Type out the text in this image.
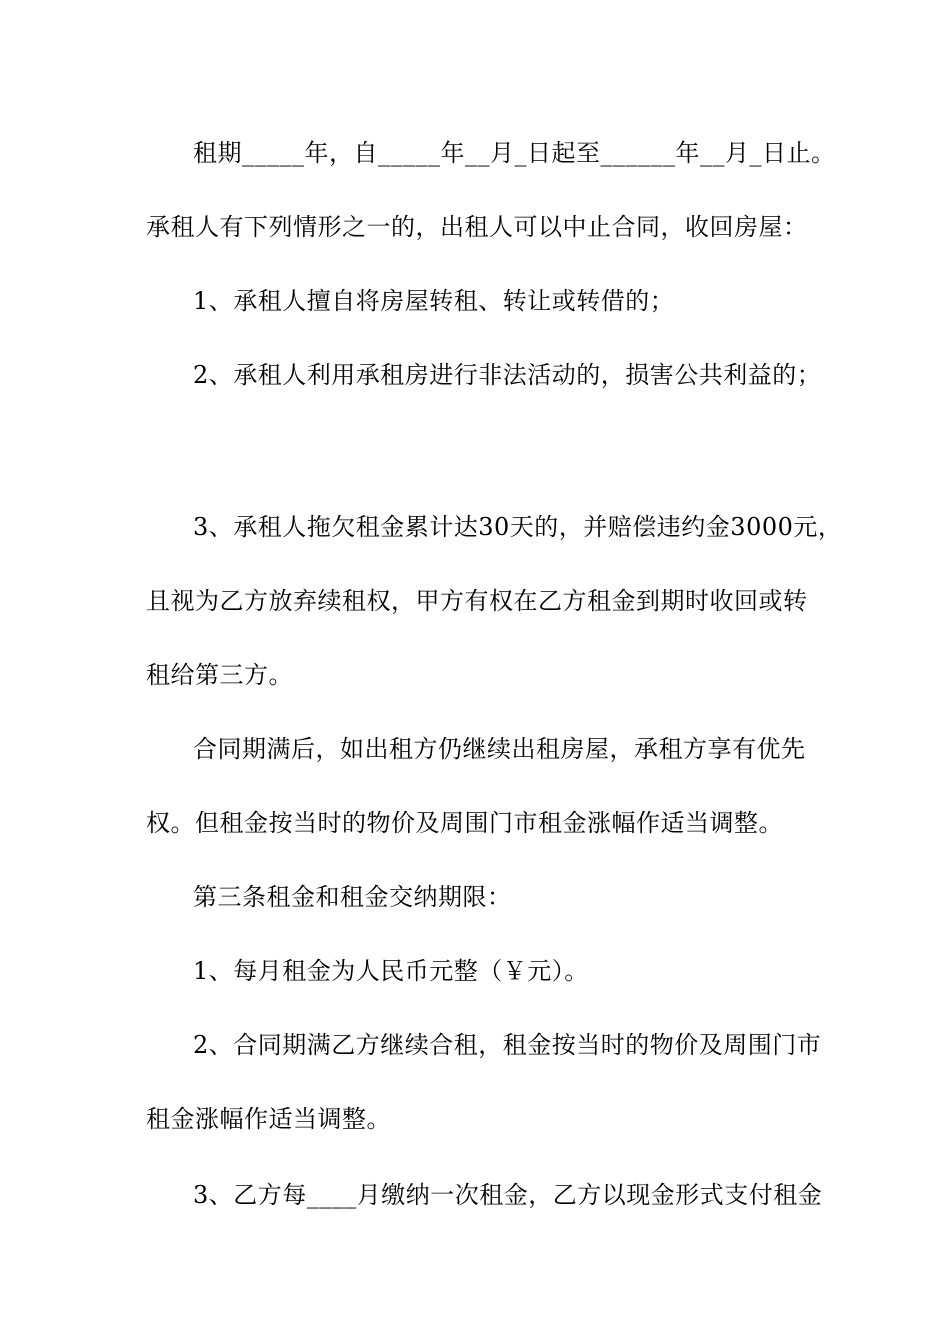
租期_____年，自_____年__月_日起至______年__月_日止。
承租人有下列情形之一的，出租人可以中止合同，收回房屋：
1、承租人擅自将房屋转租、转让或转借的；
2、承租人利用承租房进行非法活动的，损害公共利益的；
3、承租人拖欠租金累计达30天的，并赔偿违约金3000元，
且视为乙方放弃续租权，甲方有权在乙方租金到期时收回或转
租给第三方。
合同期满后，如出租方仍继续出租房屋，承租方享有优先
权。但租金按当时的物价及周围门市租金涨幅作适当调整。
第三条租金和租金交纳期限：
1、每月租金为人民币元整（￥元）。
2、合同期满乙方继续合租，租金按当时的物价及周围门市
租金涨幅作适当调整。
3、乙方每____月缴纳一次租金，乙方以现金形式支付租金
